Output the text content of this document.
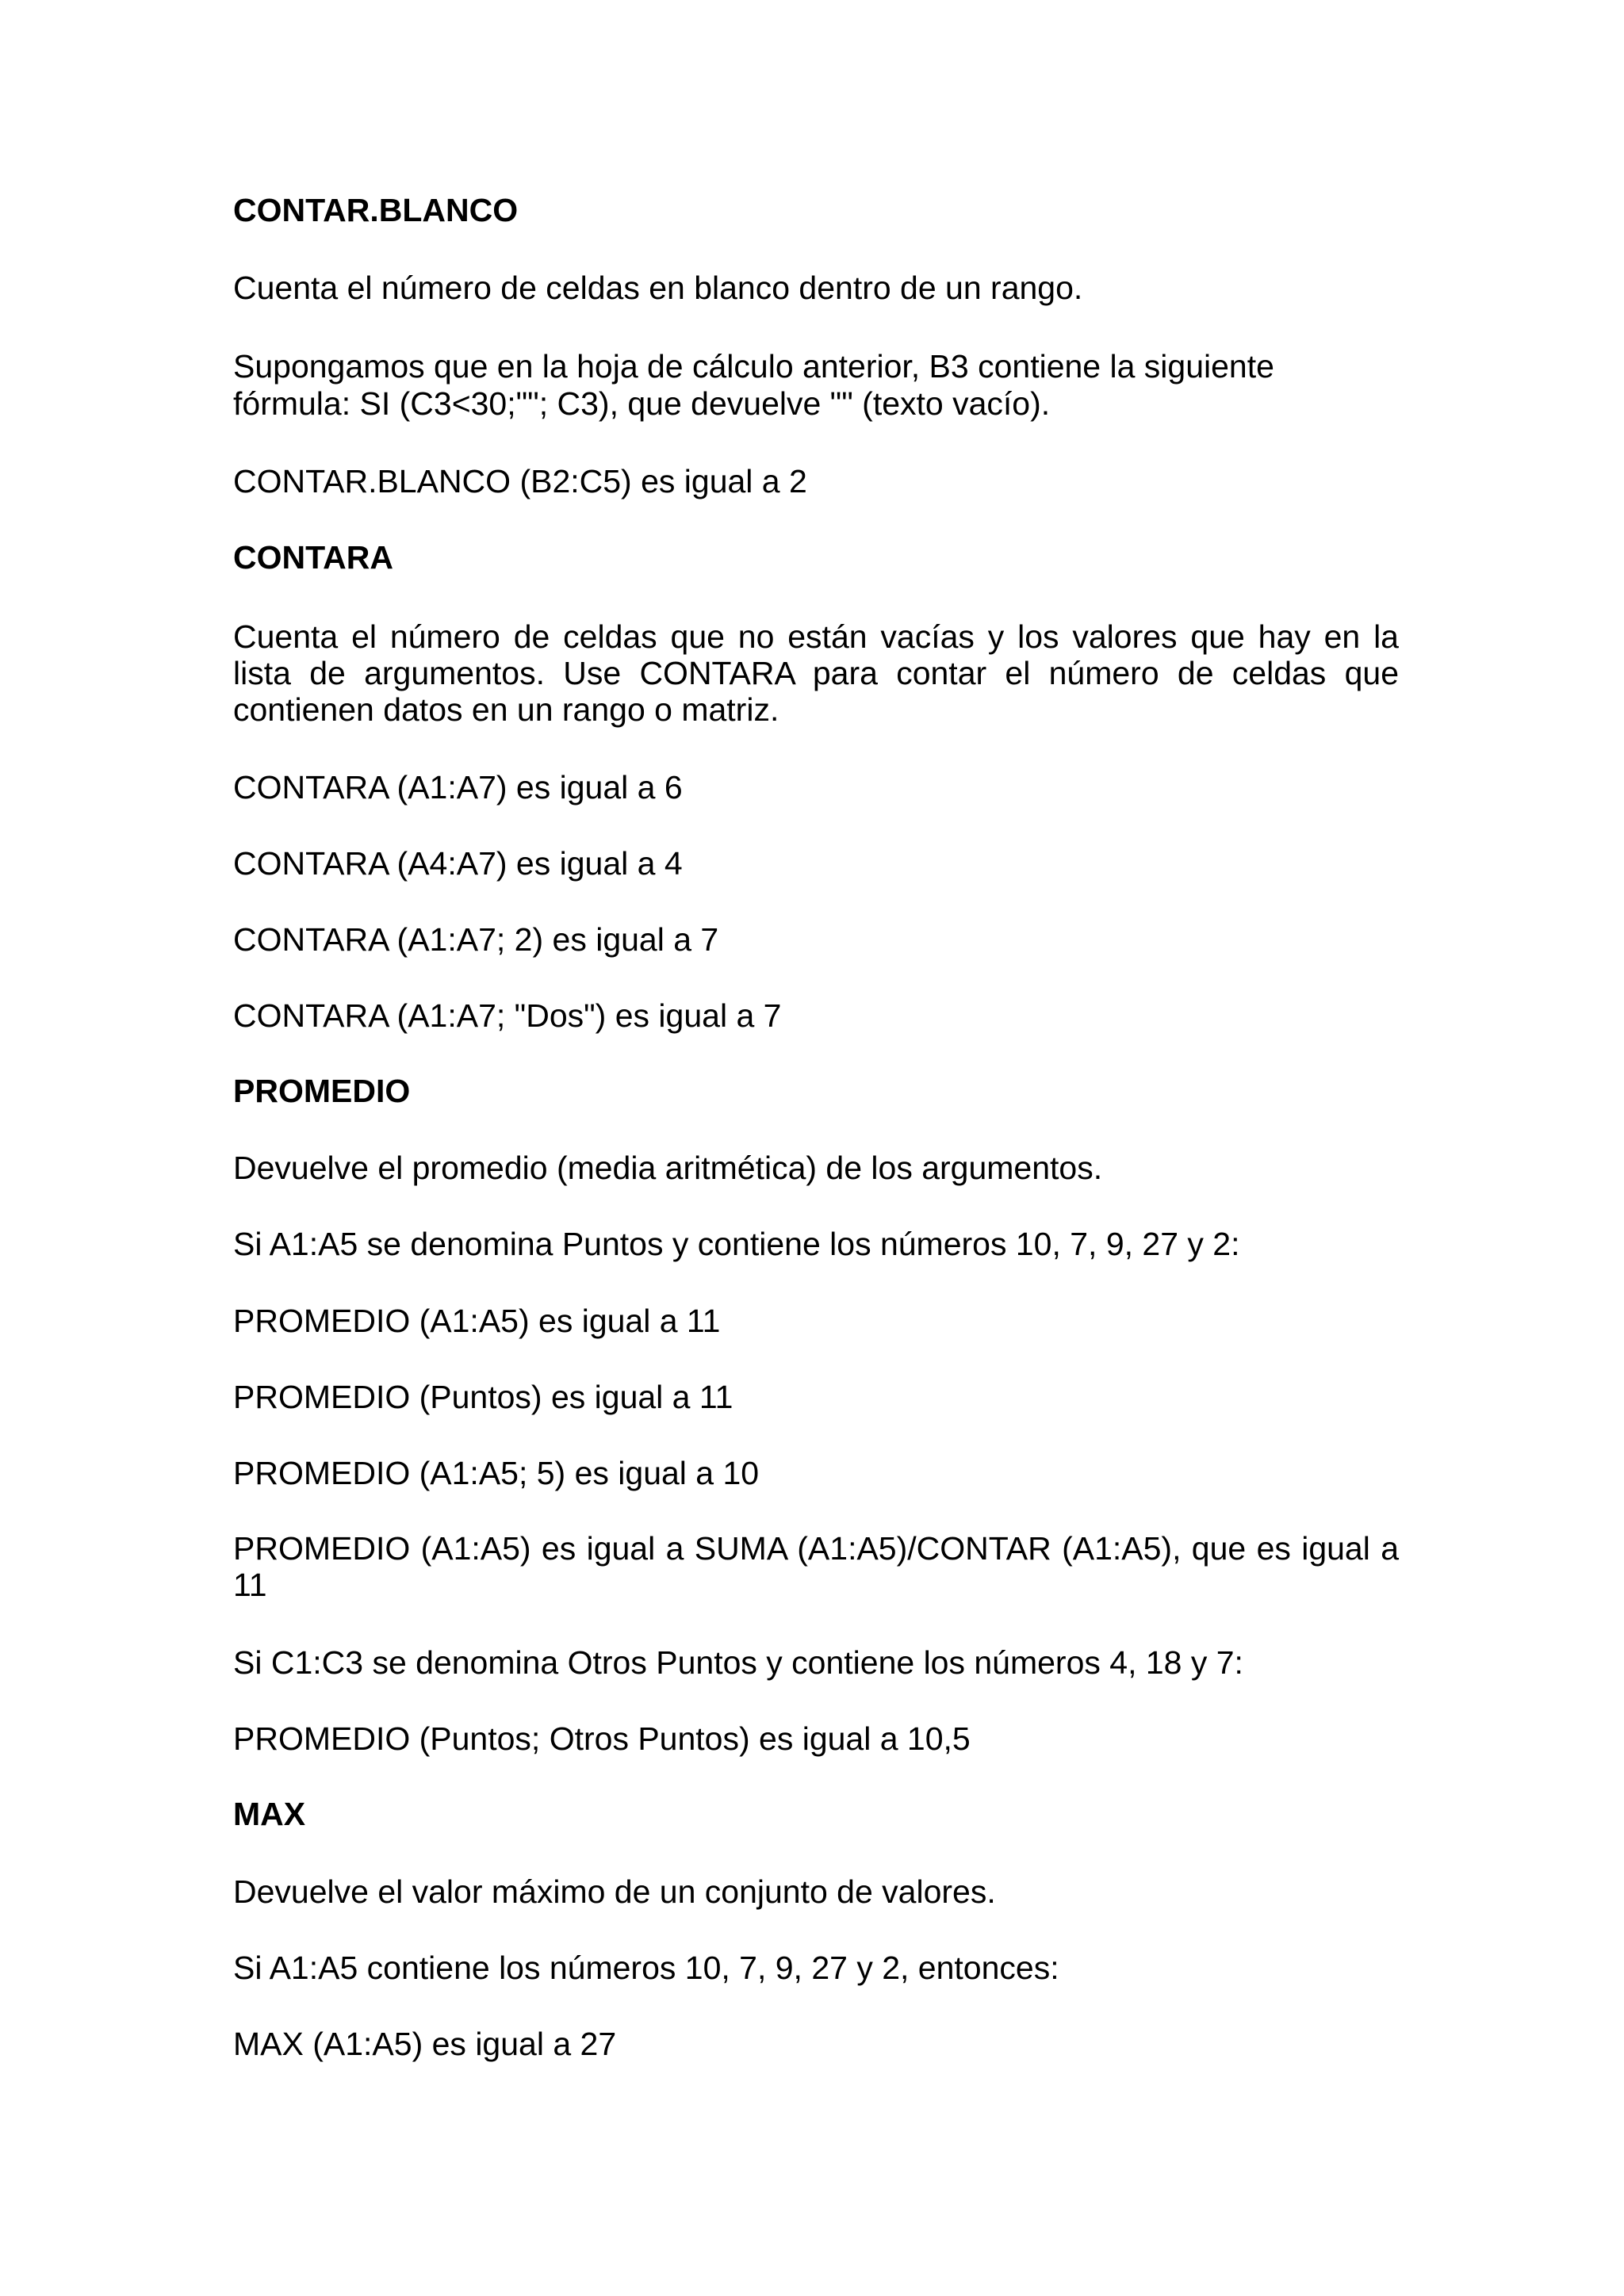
CONTAR.BLANCO
Cuenta el número de celdas en blanco dentro de un rango.
Supongamos que en la hoja de cálculo anterior, B3 contiene la siguiente
fórmula: SI (C3<30;""; C3), que devuelve "" (texto vacío).
CONTAR.BLANCO (B2:C5) es igual a 2
CONTARA

Cuenta el número de celdas que no están vacías y los valores que hay en la lista de argumentos. Use CONTARA para contar el número de celdas que contienen datos en un rango o matriz.

CONTARA (A1:A7) es igual a 6
CONTARA (A4:A7) es igual a 4
CONTARA (A1:A7; 2) es igual a 7
CONTARA (A1:A7; "Dos") es igual a 7
PROMEDIO
Devuelve el promedio (media aritmética) de los argumentos.
Si A1:A5 se denomina Puntos y contiene los números 10, 7, 9, 27 y 2:
PROMEDIO (A1:A5) es igual a 11
PROMEDIO (Puntos) es igual a 11
PROMEDIO (A1:A5; 5) es igual a 10

PROMEDIO (A1:A5) es igual a SUMA (A1:A5)/CONTAR (A1:A5), que es igual a 11

Si C1:C3 se denomina Otros Puntos y contiene los números 4, 18 y 7:
PROMEDIO (Puntos; Otros Puntos) es igual a 10,5
MAX
Devuelve el valor máximo de un conjunto de valores.
Si A1:A5 contiene los números 10, 7, 9, 27 y 2, entonces:
MAX (A1:A5) es igual a 27
